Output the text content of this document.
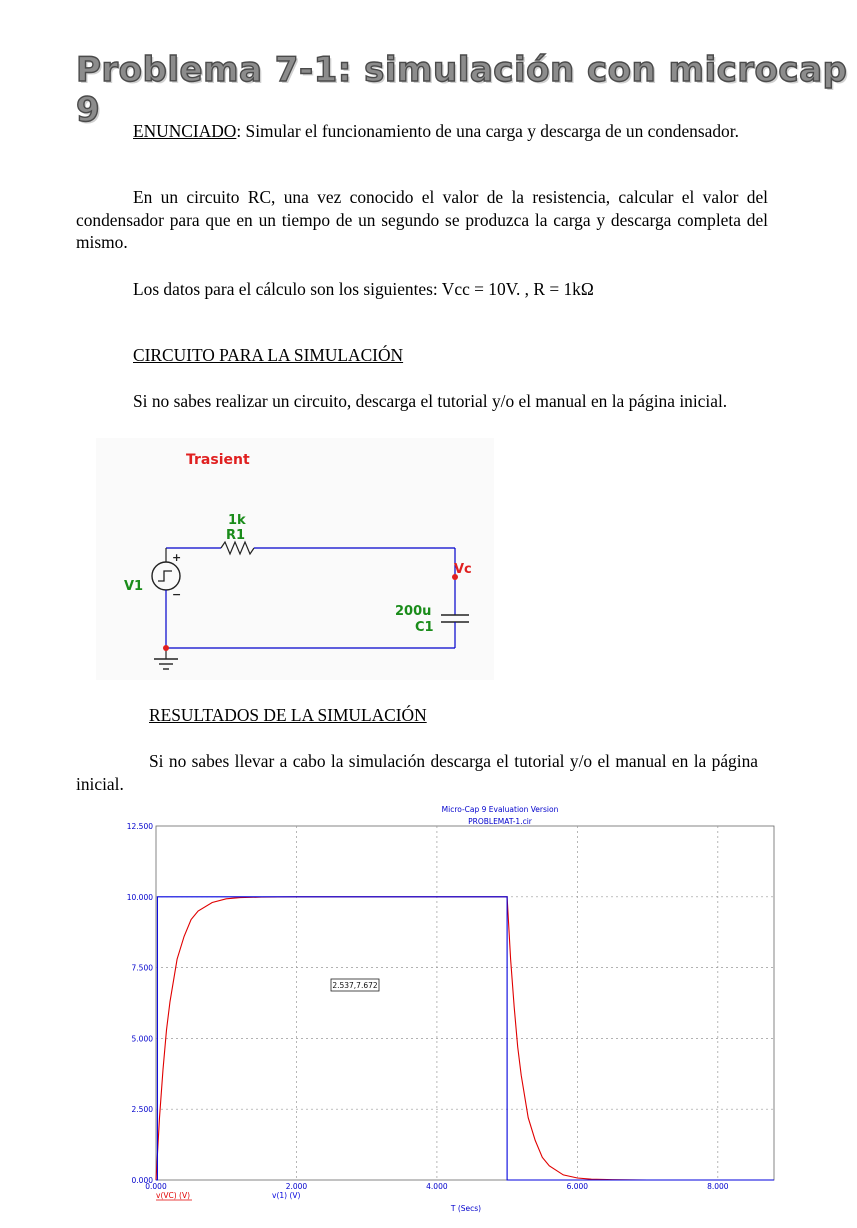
Problema 7-1: simulación con microcap 9

ENUNCIADO: Simular el funcionamiento de una carga y descarga de un condensador.

En un circuito RC, una vez conocido el valor de la resistencia, calcular el valor del condensador para que en un tiempo de un segundo se produzca la carga y descarga completa del mismo.

Los datos para el cálculo son los siguientes: Vcc = 10V. , R = 1kΩ

CIRCUITO PARA LA SIMULACIÓN

Si no sabes realizar un circuito, descarga el tutorial y/o el manual en la página inicial.

Trasient
1k
R1
V1
+
−
Vc
200u
C1

RESULTADOS DE LA SIMULACIÓN

Si no sabes llevar a cabo la simulación descarga el tutorial y/o el manual en la página inicial.

Micro-Cap 9 Evaluation Version
PROBLEMAT-1.cir
0.000	2.000	4.000	6.000	8.000
0.000
2.500
5.000
7.500
10.000
12.500
2.537,7.672
v(VC) (V)	v(1) (V)
T (Secs)
